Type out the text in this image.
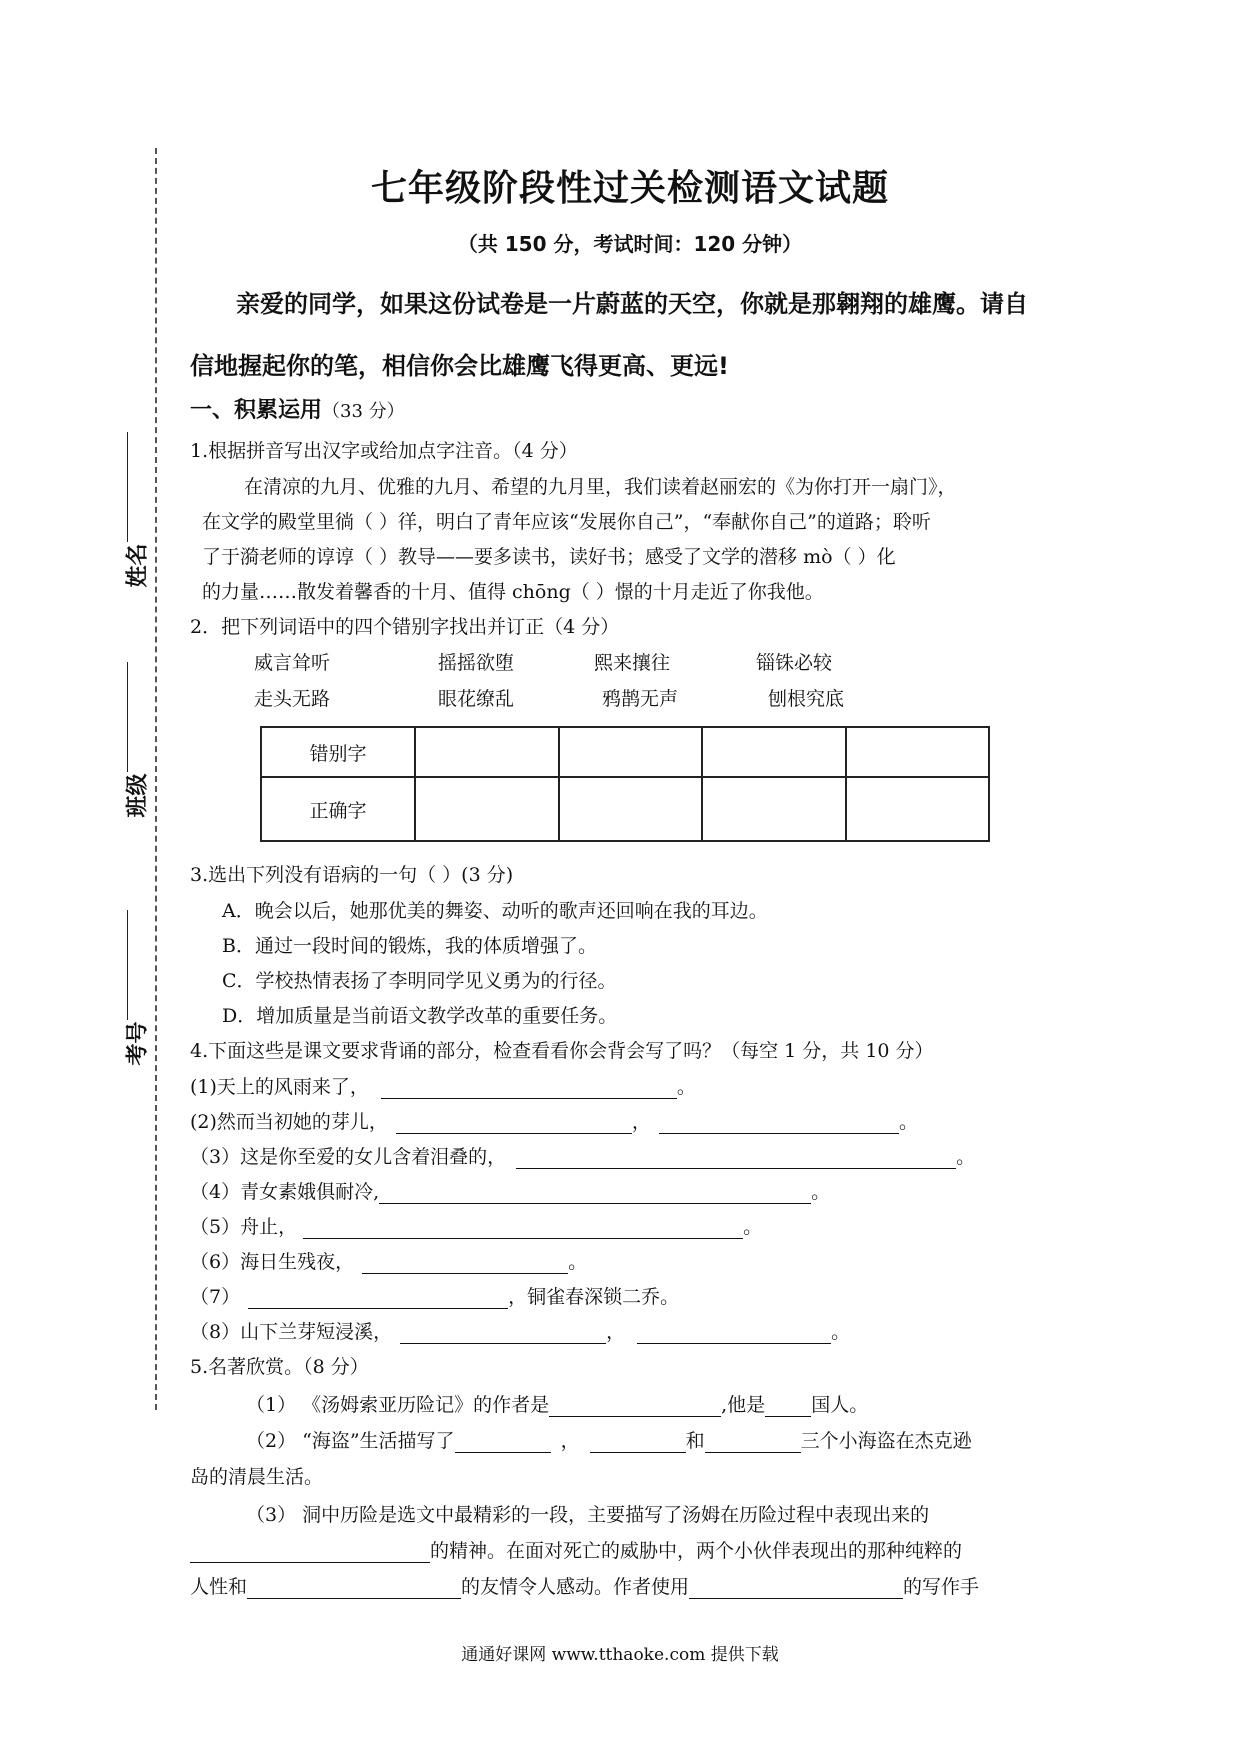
姓名
班级
考号
七年级阶段性过关检测语文试题
（共 150 分，考试时间：120 分钟）
亲爱的同学，如果这份试卷是一片蔚蓝的天空，你就是那翱翔的雄鹰。请自
信地握起你的笔，相信你会比雄鹰飞得更高、更远!
一、积累运用（33 分）
1.根据拼音写出汉字或给加点字注音。（4 分）
在清凉的九月、优雅的九月、希望的九月里，我们读着赵丽宏的《为你打开一扇门》，
在文学的殿堂里徜（ ）徉，明白了青年应该“发展你自己”，“奉献你自己”的道路；聆听
了于漪老师的谆谆（ ）教导——要多读书，读好书；感受了文学的潜移 mò（ ）化
的力量……散发着馨香的十月、值得 chōng（ ）憬的十月走近了你我他。
2．把下列词语中的四个错别字找出并订正（4 分）
威言耸听	摇摇欲堕	熙来攘往	锱铢必较
走头无路	眼花缭乱	鸦鹊无声	刨根究底
错别字				
正确字				
3.选出下列没有语病的一句（ ）(3 分)
A．晚会以后，她那优美的舞姿、动听的歌声还回响在我的耳边。
B．通过一段时间的锻炼，我的体质增强了。
C．学校热情表扬了李明同学见义勇为的行径。
D．增加质量是当前语文教学改革的重要任务。
4.下面这些是课文要求背诵的部分，检查看看你会背会写了吗？（每空 1 分，共 10 分）
(1)天上的风雨来了，	。
(2)然而当初她的芽儿，	，	。
（3）这是你至爱的女儿含着泪叠的，	。
（4）青女素娥俱耐冷,	。
（5）舟止，	。
（6）海日生残夜，	。
（7）	，铜雀春深锁二乔。
（8）山下兰芽短浸溪，	，	。
5.名著欣赏。（8 分）
（1） 《汤姆索亚历险记》的作者是	,他是 国人。
（2） “海盗”生活描写了	，	和	三个小海盗在杰克逊
岛的清晨生活。
（3） 洞中历险是选文中最精彩的一段，主要描写了汤姆在历险过程中表现出来的
的精神。在面对死亡的威胁中，两个小伙伴表现出的那种纯粹的
人性和	的友情令人感动。作者使用	的写作手
通通好课网 www.tthaoke.com 提供下载
